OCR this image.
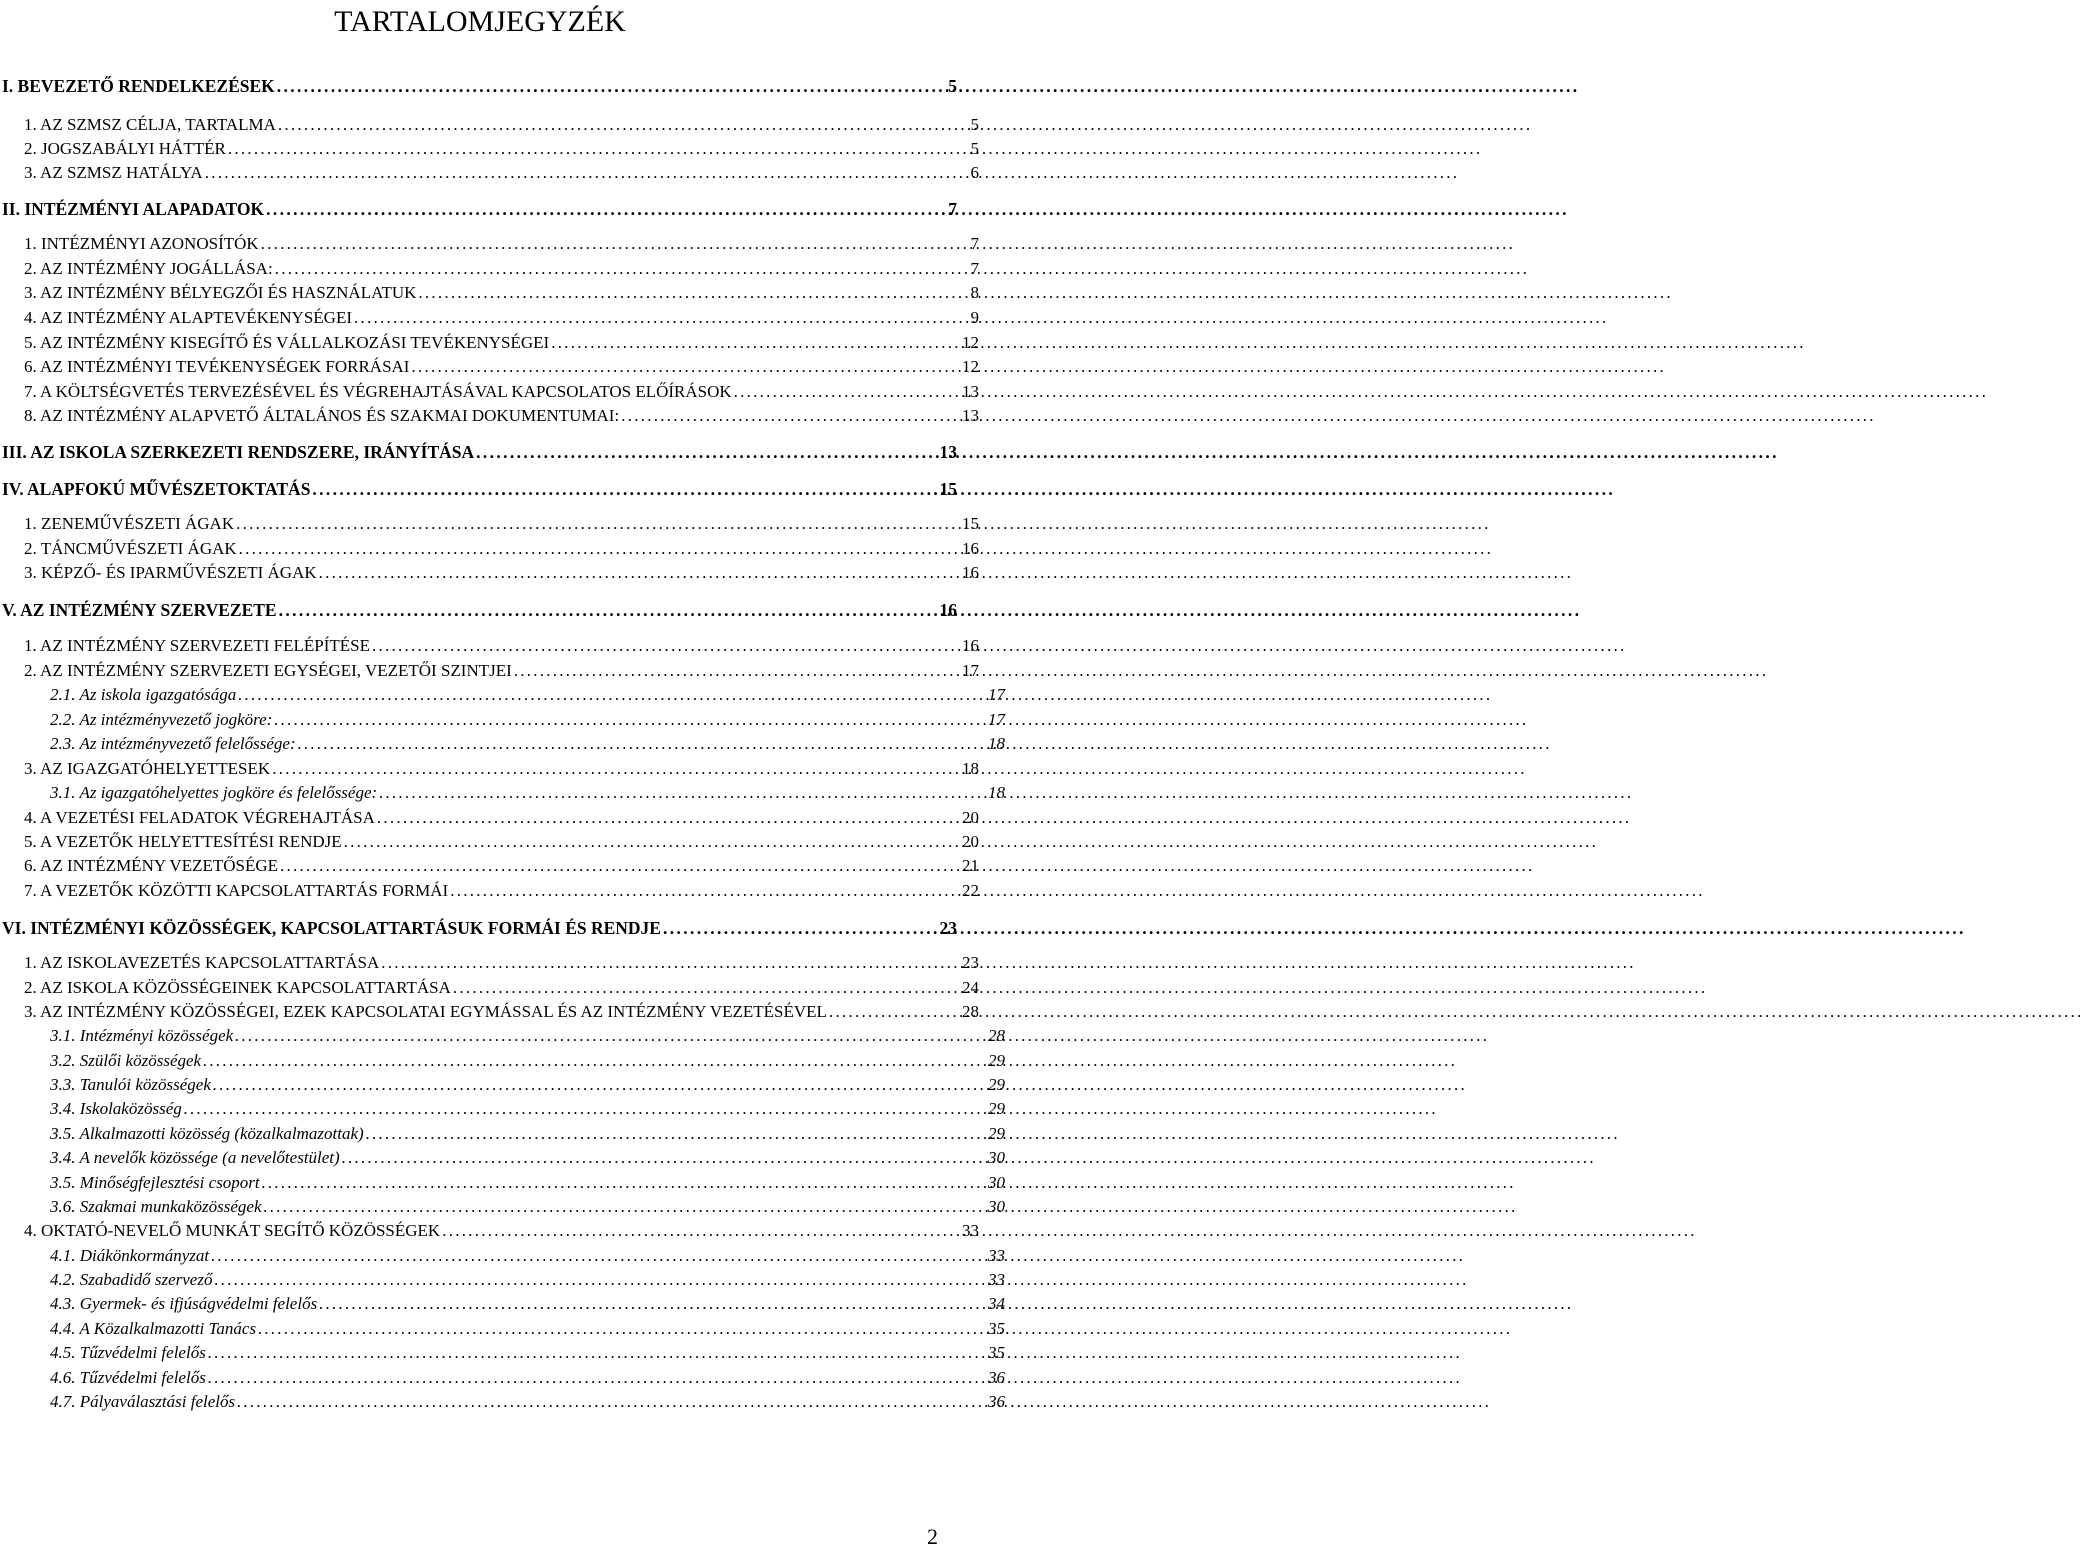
TARTALOMJEGYZÉK
I. BEVEZETŐ RENDELKEZÉSEK . . .	5
1. AZ SZMSZ CÉLJA, TARTALMA . . .	5
2. JOGSZABÁLYI HÁTTÉR . . .	5
3. AZ SZMSZ HATÁLYA . . .	6
II. INTÉZMÉNYI ALAPADATOK . . .	7
1. INTÉZMÉNYI AZONOSÍTÓK . . .	7
2. AZ INTÉZMÉNY JOGÁLLÁSA: . . .	7
3. AZ INTÉZMÉNY BÉLYEGZŐI ÉS HASZNÁLATUK . . .	8
4. AZ INTÉZMÉNY ALAPTEVÉKENYSÉGEI . . .	9
5. AZ INTÉZMÉNY KISEGÍTŐ ÉS VÁLLALKOZÁSI TEVÉKENYSÉGEI . . .	12
6. AZ INTÉZMÉNYI TEVÉKENYSÉGEK FORRÁSAI . . .	12
7. A KÖLTSÉGVETÉS TERVEZÉSÉVEL ÉS VÉGREHAJTÁSÁVAL KAPCSOLATOS ELŐÍRÁSOK . . .	13
8. AZ INTÉZMÉNY ALAPVETŐ ÁLTALÁNOS ÉS SZAKMAI DOKUMENTUMAI: . . .	13
III. AZ ISKOLA SZERKEZETI RENDSZERE, IRÁNYÍTÁSA . . .	13
IV. ALAPFOKÚ MŰVÉSZETOKTATÁS . . .	15
1. ZENEMŰVÉSZETI ÁGAK . . .	15
2. TÁNCMŰVÉSZETI ÁGAK . . .	16
3. KÉPZŐ- ÉS IPARMŰVÉSZETI ÁGAK . . .	16
V. AZ INTÉZMÉNY SZERVEZETE . . .	16
1. AZ INTÉZMÉNY SZERVEZETI FELÉPÍTÉSE . . .	16
2. AZ INTÉZMÉNY SZERVEZETI EGYSÉGEI, VEZETŐI SZINTJEI . . .	17
2.1. Az iskola igazgatósága . . .	17
2.2. Az intézményvezető jogköre: . . .	17
2.3. Az intézményvezető felelőssége: . . .	18
3. AZ IGAZGATÓHELYETTESEK . . .	18
3.1. Az igazgatóhelyettes jogköre és felelőssége: . . .	18
4. A VEZETÉSI FELADATOK VÉGREHAJTÁSA . . .	20
5. A VEZETŐK HELYETTESÍTÉSI RENDJE . . .	20
6. AZ INTÉZMÉNY VEZETŐSÉGE . . .	21
7. A VEZETŐK KÖZÖTTI KAPCSOLATTARTÁS FORMÁI . . .	22
VI. INTÉZMÉNYI KÖZÖSSÉGEK, KAPCSOLATTARTÁSUK FORMÁI ÉS RENDJE . . .	23
1. AZ ISKOLAVEZETÉS KAPCSOLATTARTÁSA . . .	23
2. AZ ISKOLA KÖZÖSSÉGEINEK KAPCSOLATTARTÁSA . . .	24
3. AZ INTÉZMÉNY KÖZÖSSÉGEI, EZEK KAPCSOLATAI EGYMÁSSAL ÉS AZ INTÉZMÉNY VEZETÉSÉVEL . . .	28
3.1. Intézményi közösségek . . .	28
3.2. Szülői közösségek . . .	29
3.3. Tanulói közösségek . . .	29
3.4. Iskolaközösség . . .	29
3.5. Alkalmazotti közösség (közalkalmazottak) . . .	29
3.4. A nevelők közössége (a nevelőtestület) . . .	30
3.5. Minőségfejlesztési csoport . . .	30
3.6. Szakmai munkaközösségek . . .	30
4. OKTATÓ-NEVELŐ MUNKÁT SEGÍTŐ KÖZÖSSÉGEK . . .	33
4.1. Diákönkormányzat . . .	33
4.2. Szabadidő szervező . . .	33
4.3. Gyermek- és ifjúságvédelmi felelős . . .	34
4.4. A Közalkalmazotti Tanács . . .	35
4.5. Tűzvédelmi felelős . . .	35
4.6. Tűzvédelmi felelős . . .	36
4.7. Pályaválasztási felelős . . .	36
2
